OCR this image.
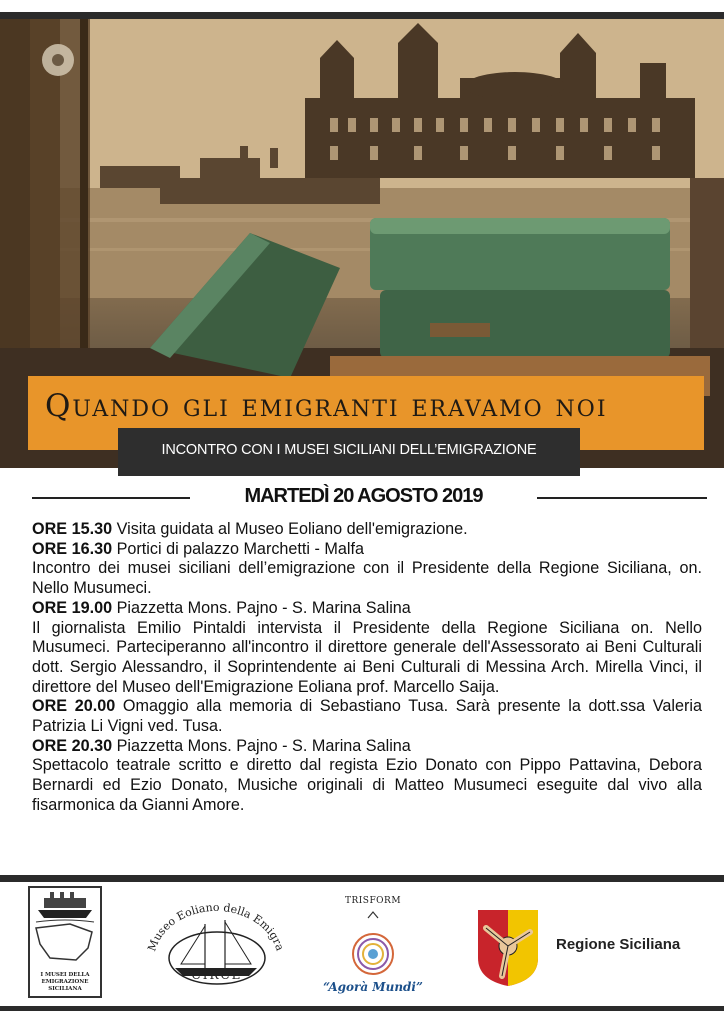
Quando gli emigranti eravamo noi
INCONTRO CON I MUSEI SICILIANI DELL’EMIGRAZIONE
MARTEDÌ 20 AGOSTO 2019

ORE 15.30 Visita guidata al Museo Eoliano dell'emigrazione.

ORE 16.30 Portici di palazzo Marchetti - Malfa

Incontro dei musei siciliani dell’emigrazione con il Presidente della Regione Siciliana, on. Nello Musumeci.

ORE 19.00 Piazzetta Mons. Pajno - S. Marina Salina

Il giornalista Emilio Pintaldi intervista il Presidente della Regione Siciliana on. Nello Musumeci. Parteciperanno all'incontro il direttore generale dell'Assessorato ai Beni Culturali dott. Sergio Alessandro, il Soprintendente ai Beni Culturali di Messina Arch. Mirella Vinci, il direttore del Museo dell'Emigrazione Eoliana prof. Marcello Saija.

ORE 20.00 Omaggio alla memoria di Sebastiano Tusa. Sarà presente la dott.ssa Valeria Patrizia Li Vigni ved. Tusa.

ORE 20.30 Piazzetta Mons. Pajno - S. Marina Salina

Spettacolo teatrale scritto e diretto dal regista Ezio Donato con Pippo Pattavina, Debora Bernardi ed Ezio Donato, Musiche originali di Matteo Musumeci eseguite dal vivo alla fisarmonica da Gianni Amore.

I MUSEI DELLA
EMIGRAZIONE SICILIANA
Museo Eoliano della Emigr
CIRCE
TRISFORM
“Agorà Mundi”
Regione Siciliana
